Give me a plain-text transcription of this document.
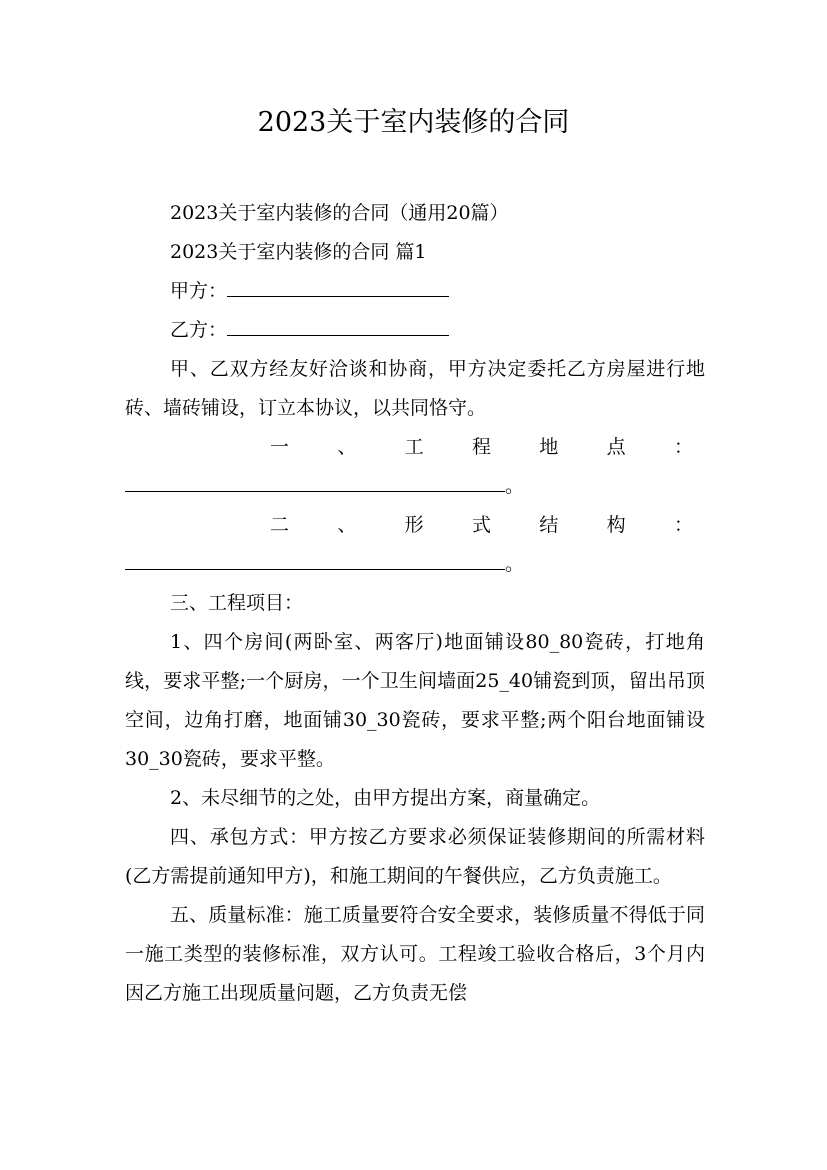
2023关于室内装修的合同

2023关于室内装修的合同（通用20篇）

2023关于室内装修的合同 篇1

甲方：

乙方：

甲、乙双方经友好洽谈和协商，甲方决定委托乙方房屋进行地砖、墙砖铺设，订立本协议，以共同恪守。

一	、	工	程	地	点	：

。

二	、	形	式	结	构	：

。

三、工程项目：

1、四个房间(两卧室、两客厅)地面铺设80_80瓷砖，打地角线，要求平整;一个厨房，一个卫生间墙面25_40铺瓷到顶，留出吊顶空间，边角打磨，地面铺30_30瓷砖，要求平整;两个阳台地面铺设30_30瓷砖，要求平整。

2、未尽细节的之处，由甲方提出方案，商量确定。

四、承包方式：甲方按乙方要求必须保证装修期间的所需材料(乙方需提前通知甲方)，和施工期间的午餐供应，乙方负责施工。

五、质量标准：施工质量要符合安全要求，装修质量不得低于同一施工类型的装修标准，双方认可。工程竣工验收合格后，3个月内因乙方施工出现质量问题，乙方负责无偿
